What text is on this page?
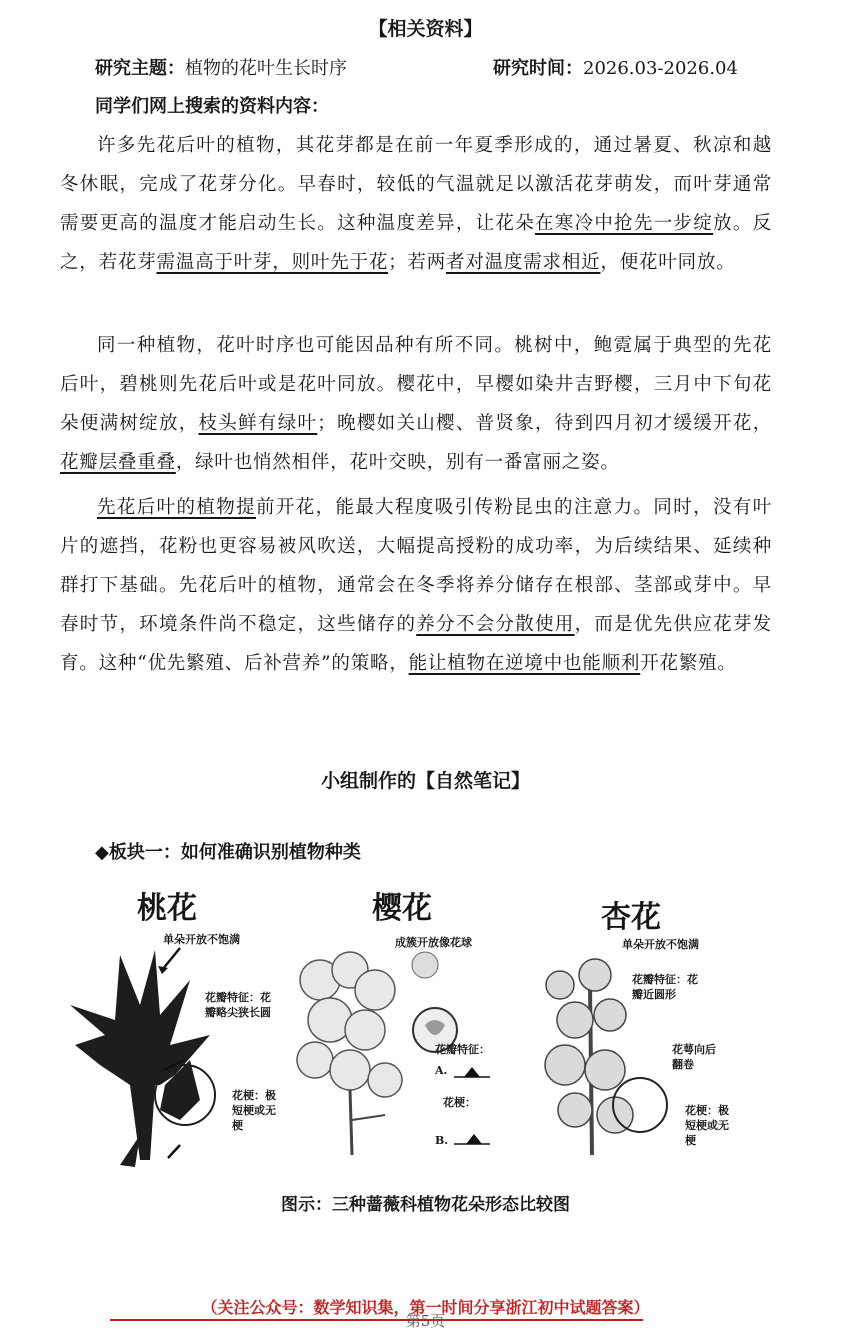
【相关资料】
研究主题：植物的花叶生长时序	研究时间：2026.03-2026.04
同学们网上搜索的资料内容：
许多先花后叶的植物，其花芽都是在前一年夏季形成的，通过暑夏、秋凉和越冬休眠，完成了花芽分化。早春时，较低的气温就足以激活花芽萌发，而叶芽通常需要更高的温度才能启动生长。这种温度差异，让花朵在寒冷中抢先一步绽放。反之，若花芽需温高于叶芽，则叶先于花；若两者对温度需求相近，便花叶同放。
同一种植物，花叶时序也可能因品种有所不同。桃树中，鲍霓属于典型的先花后叶，碧桃则先花后叶或是花叶同放。樱花中，早樱如染井吉野樱，三月中下旬花朵便满树绽放，枝头鲜有绿叶；晚樱如关山樱、普贤象，待到四月初才缓缓开花，花瓣层叠重叠，绿叶也悄然相伴，花叶交映，别有一番富丽之姿。
先花后叶的植物提前开花，能最大程度吸引传粉昆虫的注意力。同时，没有叶片的遮挡，花粉也更容易被风吹送，大幅提高授粉的成功率，为后续结果、延续种群打下基础。先花后叶的植物，通常会在冬季将养分储存在根部、茎部或芽中。早春时节，环境条件尚不稳定，这些储存的养分不会分散使用，而是优先供应花芽发育。这种“优先繁殖、后补营养”的策略，能让植物在逆境中也能顺利开花繁殖。
小组制作的【自然笔记】
◆板块一：如何准确识别植物种类
桃花
单朵开放不饱满
花瓣特征：花瓣略尖狭长圆
花梗：极短梗或无梗
樱花
成簇开放像花球
花瓣特征：
A.
花梗：
B.
杏花
单朵开放不饱满
花瓣特征：花瓣近圆形
花萼向后翻卷
花梗：极短梗或无梗
图示：三种蔷薇科植物花朵形态比较图
（关注公众号：数学知识集，第一时间分享浙江初中试题答案）
第5页
